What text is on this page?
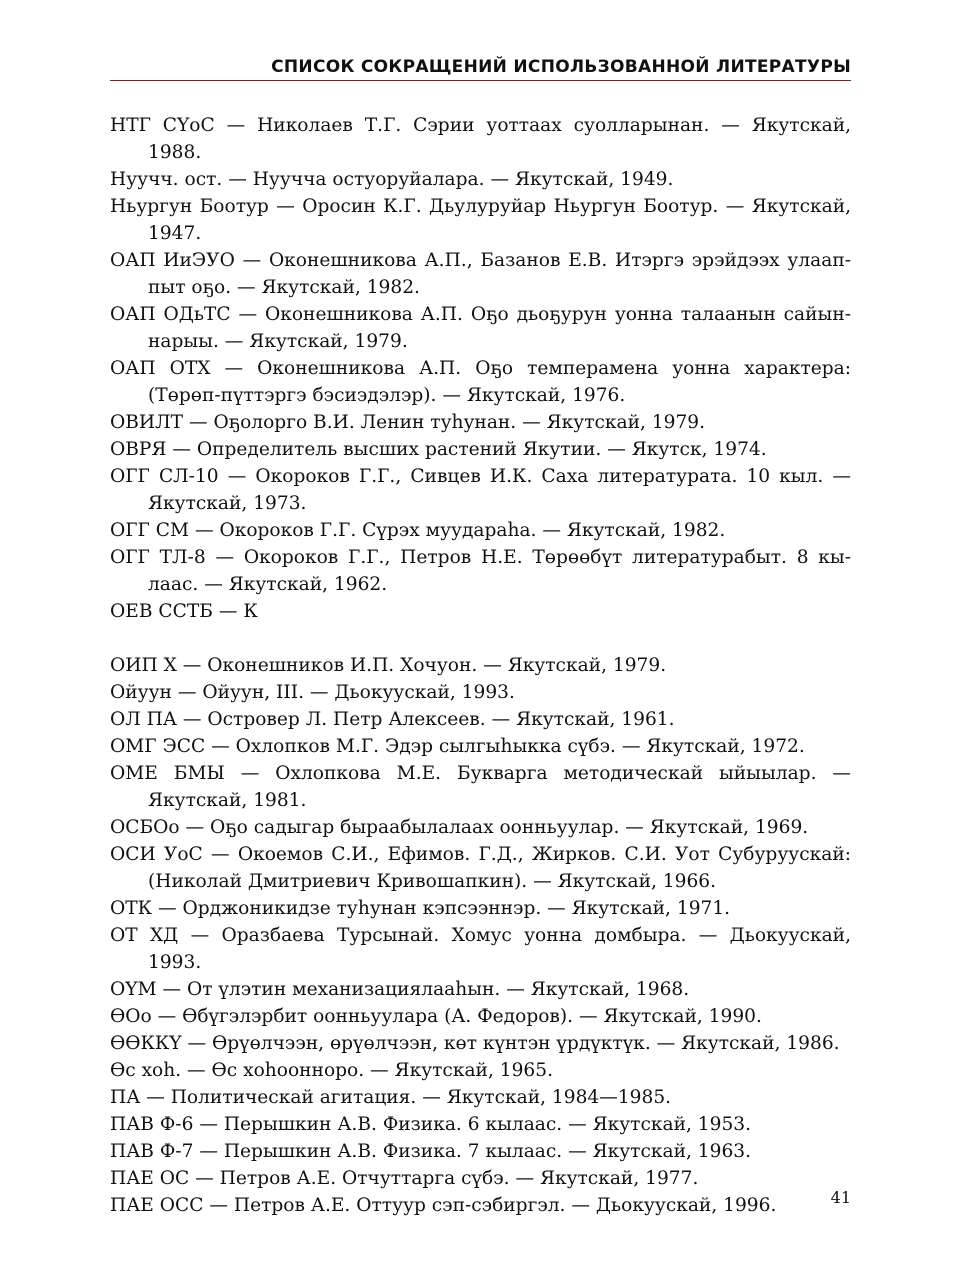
СПИСОК СОКРАЩЕНИЙ ИСПОЛЬЗОВАННОЙ ЛИТЕРАТУРЫ
НТГ СҮоС — Николаев Т.Г. Сэрии уоттаах суолларынан. — Якутскай, 1988.
Нуучч. ост. — Нуучча остуоруйалара. — Якутскай, 1949.
Ньургун Боотур — Оросин К.Г. Дьулуруйар Ньургун Боотур. — Якутскай, 1947.
ОАП ИиЭУО — Оконешникова А.П., Базанов Е.В. Итэргэ эрэйдээх улаап-пыт оҕо. — Якутскай, 1982.
ОАП ОДьТС — Оконешникова А.П. Оҕо дьоҕурун уонна талаанын сайын-нарыы. — Якутскай, 1979.
ОАП ОТХ — Оконешникова А.П. Оҕо темперамена уонна характера: (Төрөп-пүттэргэ бэсиэдэлэр). — Якутскай, 1976.
ОВИЛТ — Оҕолорго В.И. Ленин туһунан. — Якутскай, 1979.
ОВРЯ — Определитель высших растений Якутии. — Якутск, 1974.
ОГГ СЛ-10 — Окороков Г.Г., Сивцев И.К. Саха литературата. 10 кыл. — Якутскай, 1973.
ОГГ СМ — Окороков Г.Г. Сүрэх муудараһа. — Якутскай, 1982.
ОГГ ТЛ-8 — Окороков Г.Г., Петров Н.Е. Төрөөбүт литературабыт. 8 кы-лаас. — Якутскай, 1962.
ОЕВ ССТБ — К
ОИП Х — Оконешников И.П. Хочуон. — Якутскай, 1979.
Ойуун — Ойуун, III. — Дьокуускай, 1993.
ОЛ ПА — Островер Л. Петр Алексеев. — Якутскай, 1961.
ОМГ ЭСС — Охлопков М.Г. Эдэр сылгыһыкка сүбэ. — Якутскай, 1972.
ОМЕ БМЫ — Охлопкова М.Е. Букварга методическай ыйыылар. — Якутскай, 1981.
ОСБОо — Оҕо садыгар быраабылалаах оонньуулар. — Якутскай, 1969.
ОСИ УоС — Окоемов С.И., Ефимов. Г.Д., Жирков. С.И. Уот Субуруускай: (Николай Дмитриевич Кривошапкин). — Якутскай, 1966.
ОТК — Орджоникидзе туһунан кэпсээннэр. — Якутскай, 1971.
ОТ ХД — Оразбаева Турсынай. Хомус уонна домбыра. — Дьокуускай, 1993.
ОҮМ — От үлэтин механизациялааһын. — Якутскай, 1968.
ӨОо — Өбүгэлэрбит оонньуулара (А. Федоров). — Якутскай, 1990.
ӨӨККҮ — Өрүөлчээн, өрүөлчээн, көт күнтэн үрдүктүк. — Якутскай, 1986.
Өс хоһ. — Өс хоһоонноро. — Якутскай, 1965.
ПА — Политическай агитация. — Якутскай, 1984—1985.
ПАВ Ф-6 — Перышкин А.В. Физика. 6 кылаас. — Якутскай, 1953.
ПАВ Ф-7 — Перышкин А.В. Физика. 7 кылаас. — Якутскай, 1963.
ПАЕ ОС — Петров А.Е. Отчуттарга сүбэ. — Якутскай, 1977.
ПАЕ ОСС — Петров А.Е. Оттуур сэп-сэбиргэл. — Дьокуускай, 1996.	41
